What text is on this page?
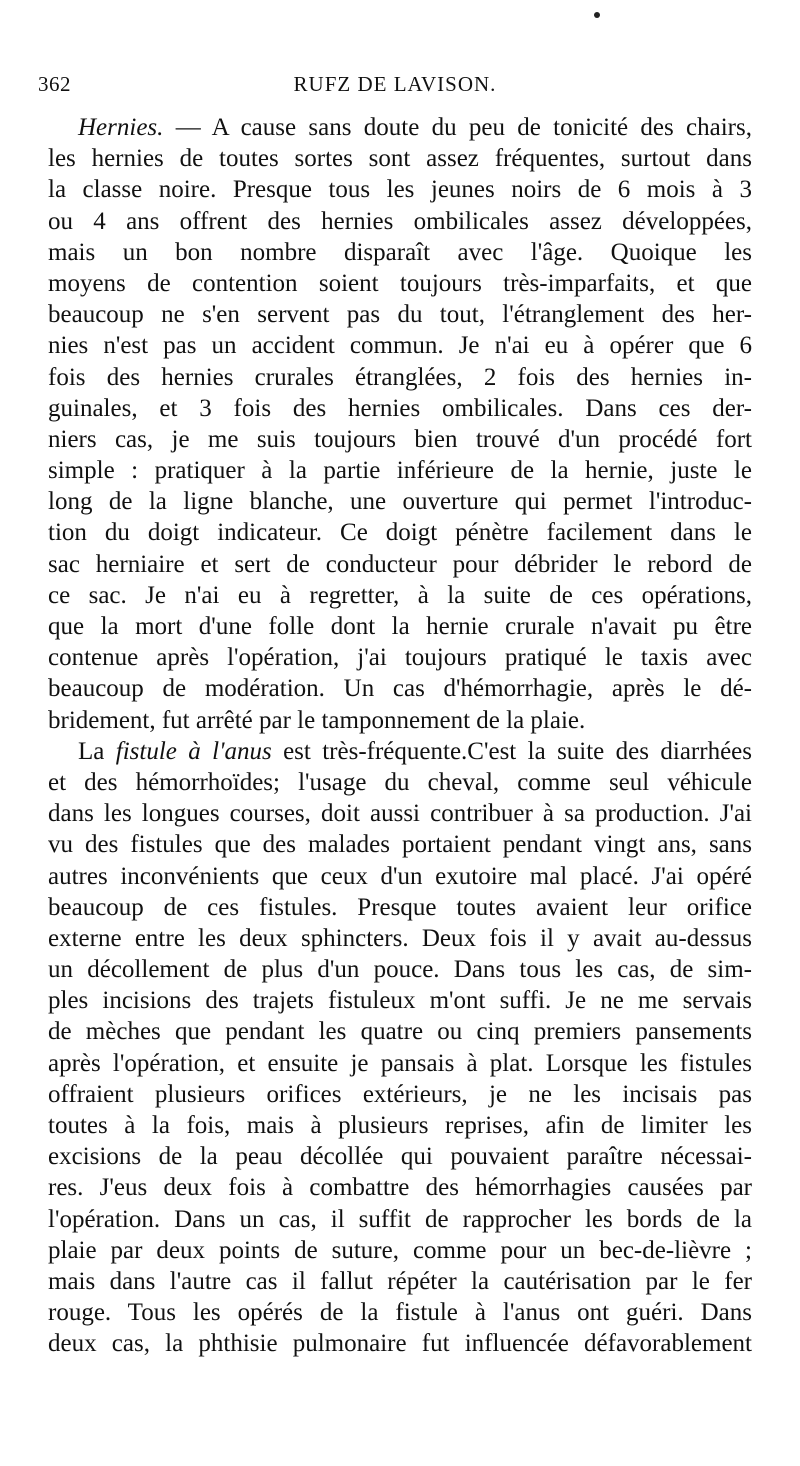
362	RUFZ DE LAVISON.
Hernies. — A cause sans doute du peu de tonicité des chairs,
les hernies de toutes sortes sont assez fréquentes, surtout dans
la classe noire. Presque tous les jeunes noirs de 6 mois à 3
ou 4 ans offrent des hernies ombilicales assez développées,
mais un bon nombre disparaît avec l'âge. Quoique les
moyens de contention soient toujours très-imparfaits, et que
beaucoup ne s'en servent pas du tout, l'étranglement des her-
nies n'est pas un accident commun. Je n'ai eu à opérer que 6
fois des hernies crurales étranglées, 2 fois des hernies in-
guinales, et 3 fois des hernies ombilicales. Dans ces der-
niers cas, je me suis toujours bien trouvé d'un procédé fort
simple : pratiquer à la partie inférieure de la hernie, juste le
long de la ligne blanche, une ouverture qui permet l'introduc-
tion du doigt indicateur. Ce doigt pénètre facilement dans le
sac herniaire et sert de conducteur pour débrider le rebord de
ce sac. Je n'ai eu à regretter, à la suite de ces opérations,
que la mort d'une folle dont la hernie crurale n'avait pu être
contenue après l'opération, j'ai toujours pratiqué le taxis avec
beaucoup de modération. Un cas d'hémorrhagie, après le dé-
bridement, fut arrêté par le tamponnement de la plaie.
La fistule à l'anus est très-fréquente.C'est la suite des diarrhées
et des hémorrhoïdes; l'usage du cheval, comme seul véhicule
dans les longues courses, doit aussi contribuer à sa production. J'ai
vu des fistules que des malades portaient pendant vingt ans, sans
autres inconvénients que ceux d'un exutoire mal placé. J'ai opéré
beaucoup de ces fistules. Presque toutes avaient leur orifice
externe entre les deux sphincters. Deux fois il y avait au-dessus
un décollement de plus d'un pouce. Dans tous les cas, de sim-
ples incisions des trajets fistuleux m'ont suffi. Je ne me servais
de mèches que pendant les quatre ou cinq premiers pansements
après l'opération, et ensuite je pansais à plat. Lorsque les fistules
offraient plusieurs orifices extérieurs, je ne les incisais pas
toutes à la fois, mais à plusieurs reprises, afin de limiter les
excisions de la peau décollée qui pouvaient paraître nécessai-
res. J'eus deux fois à combattre des hémorrhagies causées par
l'opération. Dans un cas, il suffit de rapprocher les bords de la
plaie par deux points de suture, comme pour un bec-de-lièvre ;
mais dans l'autre cas il fallut répéter la cautérisation par le fer
rouge. Tous les opérés de la fistule à l'anus ont guéri. Dans
deux cas, la phthisie pulmonaire fut influencée défavorablement
